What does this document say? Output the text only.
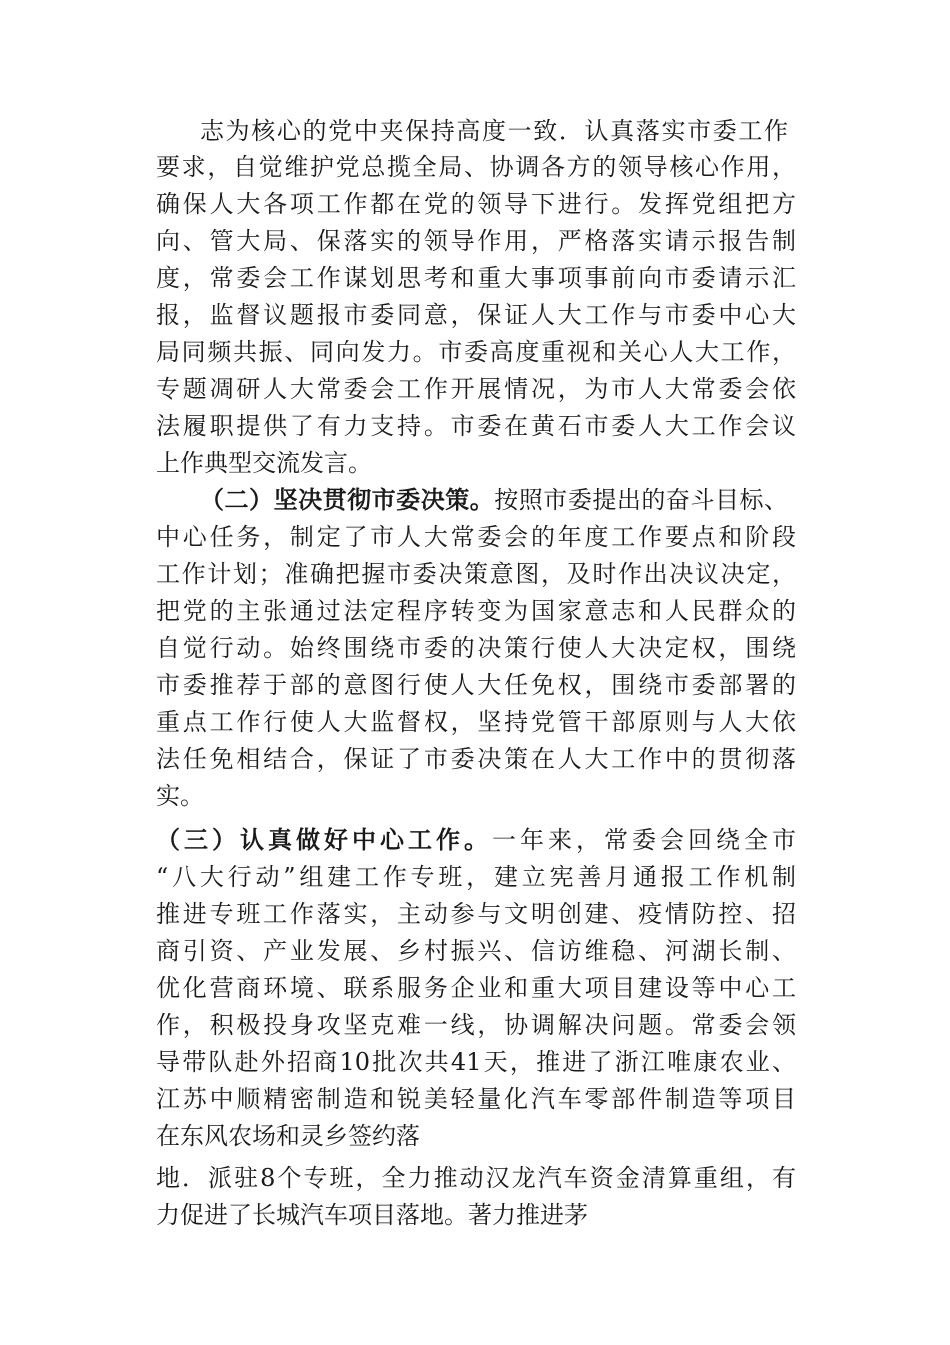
志为核心的党中夹保持高度一致．认真落实市委工作
要求，自觉维护党总揽全局、协调各方的领导核心作用，
确保人大各项工作都在党的领导下进行。发挥党组把方
向、管大局、保落实的领导作用，严格落实请示报告制
度，常委会工作谋划思考和重大事项事前向市委请示汇
报，监督议题报市委同意，保证人大工作与市委中心大
局同频共振、同向发力。市委高度重视和关心人大工作，
专题凋研人大常委会工作开展情况，为市人大常委会依
法履职提供了有力支持。市委在黄石市委人大工作会议
上作典型交流发言。
（二）坚决贯彻市委决策。按照市委提出的奋斗目标、
中心任务，制定了市人大常委会的年度工作要点和阶段
工作计划；准确把握市委决策意图，及时作出决议决定，
把党的主张通过法定程序转变为国家意志和人民群众的
自觉行动。始终围绕市委的决策行使人大决定权，围绕
市委推荐于部的意图行使人大任免权，围绕市委部署的
重点工作行使人大监督权，坚持党管干部原则与人大依
法任免相结合，保证了市委决策在人大工作中的贯彻落
实。
（三）认真做好中心工作。一年来，常委会回绕全市
“八大行动”组建工作专班，建立宪善月通报工作机制
推进专班工作落实，主动参与文明创建、疫情防控、招
商引资、产业发展、乡村振兴、信访维稳、河湖长制、
优化营商环境、联系服务企业和重大项目建设等中心工
作，积极投身攻坚克难一线，协调解决问题。常委会领
导带队赴外招商10批次共41天，推进了浙江唯康农业、
江苏中顺精密制造和锐美轻量化汽车零部件制造等项目
在东风农场和灵乡签约落
地．派驻8个专班，全力推动汉龙汽车资金清算重组，有
力促进了长城汽车项目落地。著力推进茅
